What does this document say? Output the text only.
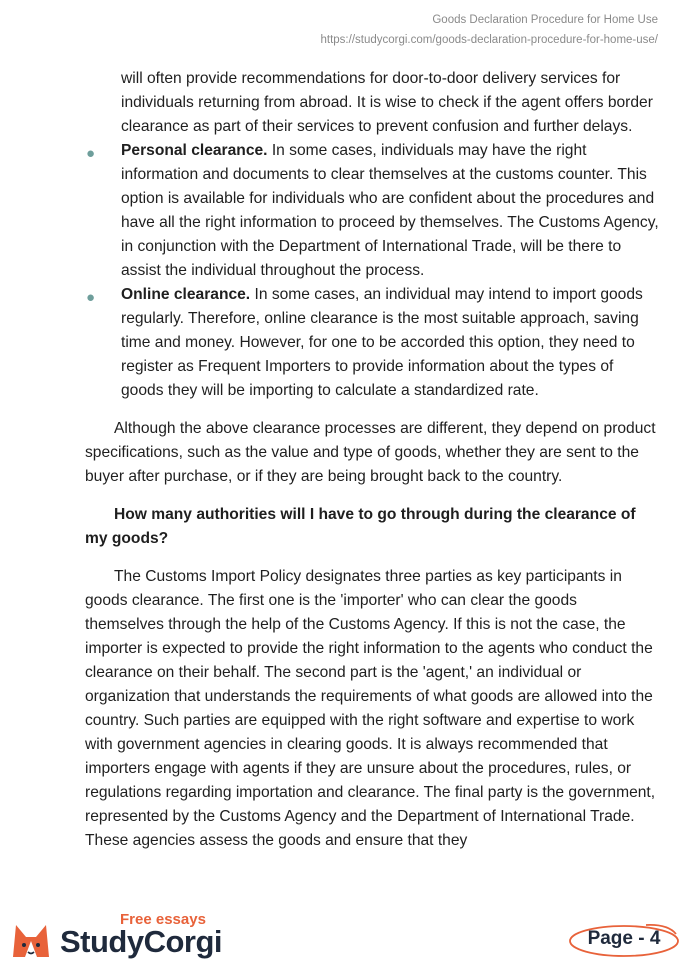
Goods Declaration Procedure for Home Use
https://studycorgi.com/goods-declaration-procedure-for-home-use/

will often provide recommendations for door-to-door delivery services for individuals returning from abroad. It is wise to check if the agent offers border clearance as part of their services to prevent confusion and further delays.

● Personal clearance. In some cases, individuals may have the right information and documents to clear themselves at the customs counter. This option is available for individuals who are confident about the procedures and have all the right information to proceed by themselves. The Customs Agency, in conjunction with the Department of International Trade, will be there to assist the individual throughout the process.
● Online clearance. In some cases, an individual may intend to import goods regularly. Therefore, online clearance is the most suitable approach, saving time and money. However, for one to be accorded this option, they need to register as Frequent Importers to provide information about the types of goods they will be importing to calculate a standardized rate.

Although the above clearance processes are different, they depend on product specifications, such as the value and type of goods, whether they are sent to the buyer after purchase, or if they are being brought back to the country.

How many authorities will I have to go through during the clearance of my goods?

The Customs Import Policy designates three parties as key participants in goods clearance. The first one is the 'importer' who can clear the goods themselves through the help of the Customs Agency. If this is not the case, the importer is expected to provide the right information to the agents who conduct the clearance on their behalf. The second part is the 'agent,' an individual or organization that understands the requirements of what goods are allowed into the country. Such parties are equipped with the right software and expertise to work with government agencies in clearing goods. It is always recommended that importers engage with agents if they are unsure about the procedures, rules, or regulations regarding importation and clearance. The final party is the government, represented by the Customs Agency and the Department of International Trade. These agencies assess the goods and ensure that they

Free essays
StudyCorgi	Page - 4
